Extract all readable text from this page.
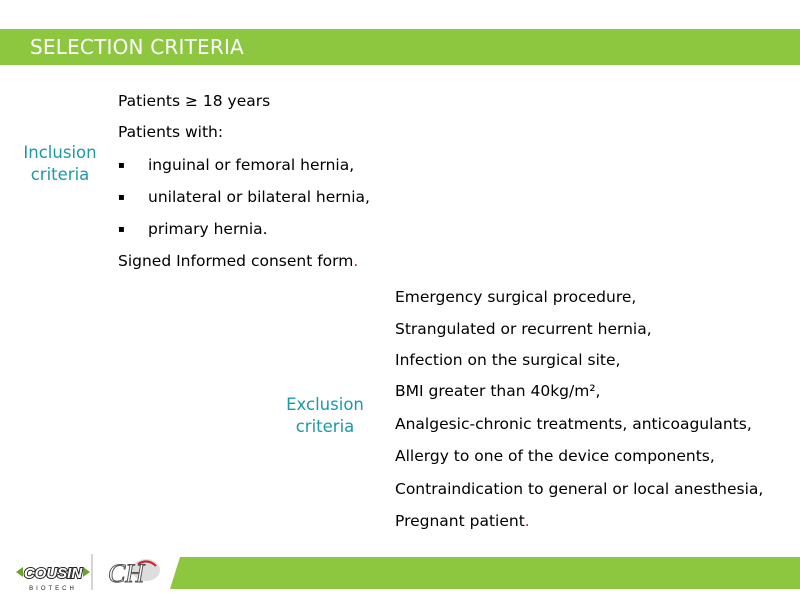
SELECTION CRITERIA
Inclusion
criteria
Patients ≥ 18 years
Patients with:
▪ inguinal or femoral hernia,
▪ unilateral or bilateral hernia,
▪ primary hernia.
Signed Informed consent form.
Exclusion
criteria
Emergency surgical procedure,
Strangulated or recurrent hernia,
Infection on the surgical site,
BMI greater than 40kg/m²,
Analgesic-chronic treatments, anticoagulants,
Allergy to one of the device components,
Contraindication to general or local anesthesia,
Pregnant patient.
COUSIN
BIOTECH
CH
